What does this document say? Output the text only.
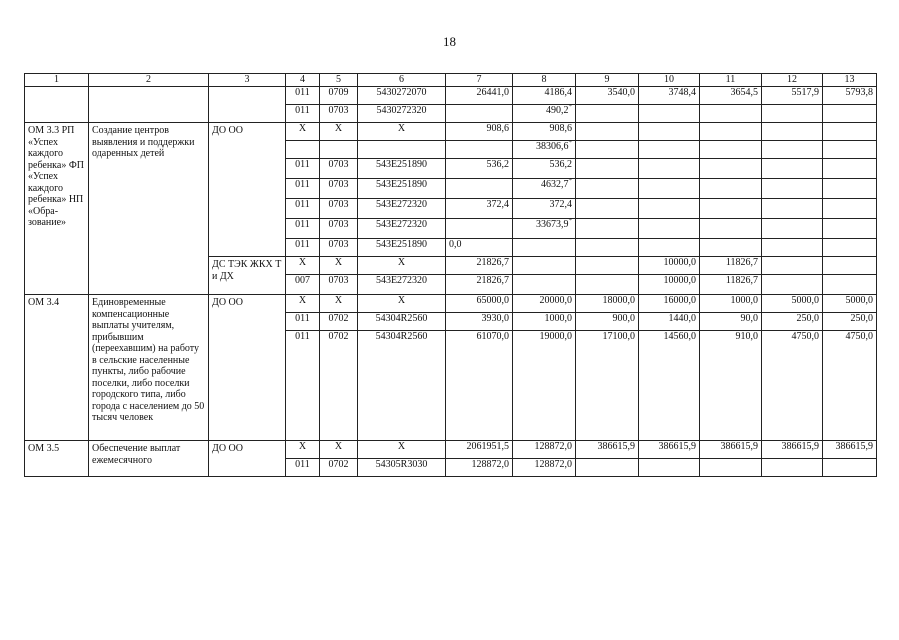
18
1	2	3	4	5	6	7	8	9	10	11	12	13
			011	0709	5430272070	26441,0	4186,4	3540,0	3748,4	3654,5	5517,9	5793,8
			011	0703	5430272320		490,2*					
ОМ 3.3 РП «Успех каждого ребенка» ФП «Успех каждого ребенка» НП «Обра-зование»	Создание центров выявления и поддержки одаренных детей	ДО ОО	Х	Х	Х	908,6	908,6					
							38306,6*					
			011	0703	543E251890	536,2	536,2					
			011	0703	543E251890		4632,7*					
			011	0703	543E272320	372,4	372,4					
			011	0703	543E272320		33673,9*					
			011	0703	543E251890	0,0						

		ДС ТЭК ЖКХ Т и ДХ	Х	Х	Х	21826,7			10000,0	11826,7		
			007	0703	543E272320	21826,7			10000,0	11826,7		
ОМ 3.4	Единовременные компенсационные выплаты учителям, прибывшим (переехавшим) на работу в сельские населенные пункты, либо рабочие поселки, либо поселки городского типа, либо города с населением до 50 тысяч человек	ДО ОО	Х	Х	Х	65000,0	20000,0	18000,0	16000,0	1000,0	5000,0	5000,0
			011	0702	54304R2560	3930,0	1000,0	900,0	1440,0	90,0	250,0	250,0
			011	0702	54304R2560	61070,0	19000,0	17100,0	14560,0	910,0	4750,0	4750,0
ОМ 3.5	Обеспечение выплат ежемесячного	ДО ОО	Х	Х	Х	2061951,5	128872,0	386615,9	386615,9	386615,9	386615,9	386615,9
			011	0702	54305R3030	128872,0	128872,0					
